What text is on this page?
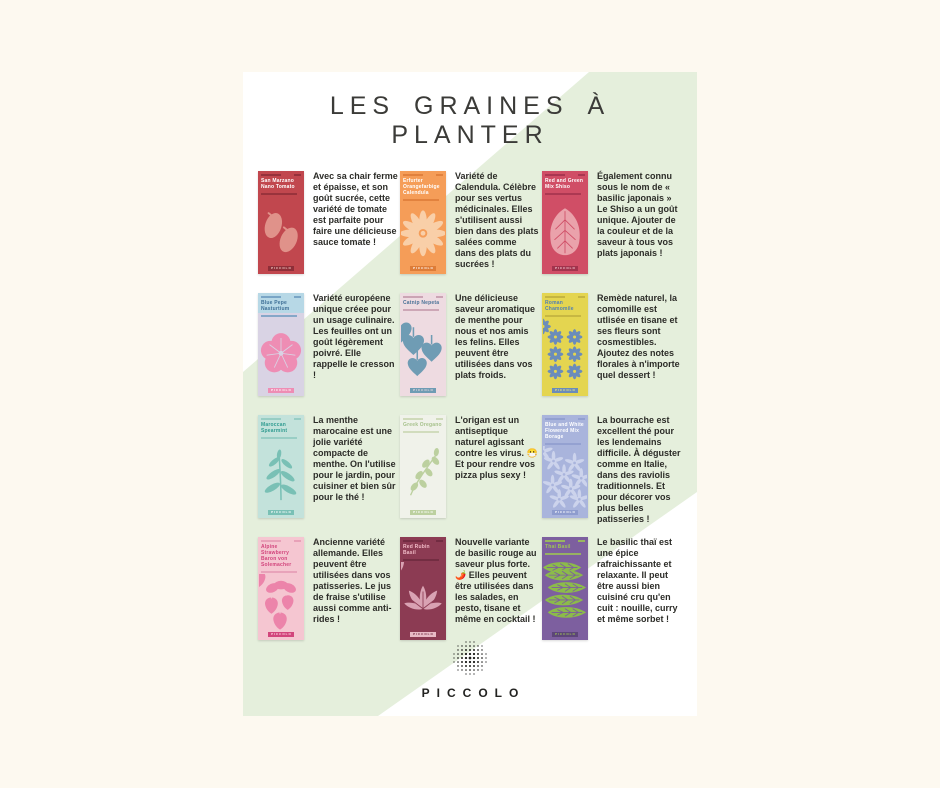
LES GRAINES À PLANTER
San Marzano Nano Tomato
PICCOLO
Avec sa chair ferme et épaisse, et son goût sucrée, cette variété de tomate est parfaite pour faire une délicieuse sauce tomate !
Erfurter Orangefarbige Calendula
PICCOLO
Variété de Calendula. Célèbre pour ses vertus médicinales. Elles s'utilisent aussi bien dans des plats salées comme dans des plats du sucrées !
Red and Green Mix Shiso
PICCOLO
Également connu sous le nom de « basilic japonais » Le Shiso a un goût unique. Ajouter de la couleur et de la saveur à tous vos plats japonais !
Blue Pepe Nasturtium
PICCOLO
Variété européene unique créee pour un usage culinaire. Les feuilles ont un goût légèrement poivré. Elle rappelle le cresson !
Catnip Nepeta
PICCOLO
Une délicieuse saveur aromatique de menthe pour nous et nos amis les felins. Elles peuvent être utilisées dans vos plats froids.
Roman Chamomile
PICCOLO
Remède naturel, la comomille est utlisée en tisane et ses fleurs sont cosmestibles. Ajoutez des notes florales à n'importe quel dessert !
Maroccan Spearmint
PICCOLO
La menthe marocaine est une jolie variété compacte de menthe. On l'utilise pour le jardin, pour cuisiner et bien sûr pour le thé !
Greek Oregano
PICCOLO
L'origan est un antiseptique naturel agissant contre les virus. 😷 Et pour rendre vos pizza plus sexy !
Blue and White Flowered Mix Borage
PICCOLO
La bourrache est excellent thé pour les lendemains difficile. À déguster comme en Italie, dans des raviolis traditionnels. Et pour décorer vos plus belles patisseries !
Alpine Strawberry Baron von Solemacher
PICCOLO
Ancienne variété allemande. Elles peuvent être utilisées dans vos patisseries. Le jus de fraise s'utilise aussi comme anti-rides !
Red Rubin Basil
PICCOLO
Nouvelle variante de basilic rouge au saveur plus forte. 🌶️ Elles peuvent être utilisées dans les salades, en pesto, tisane et même en cocktail !
Thai Basil
PICCOLO
Le basilic thaï est une épice rafraichissante et relaxante. Il peut être aussi bien cuisiné cru qu'en cuit : nouille, curry et même sorbet !
PICCOLO
